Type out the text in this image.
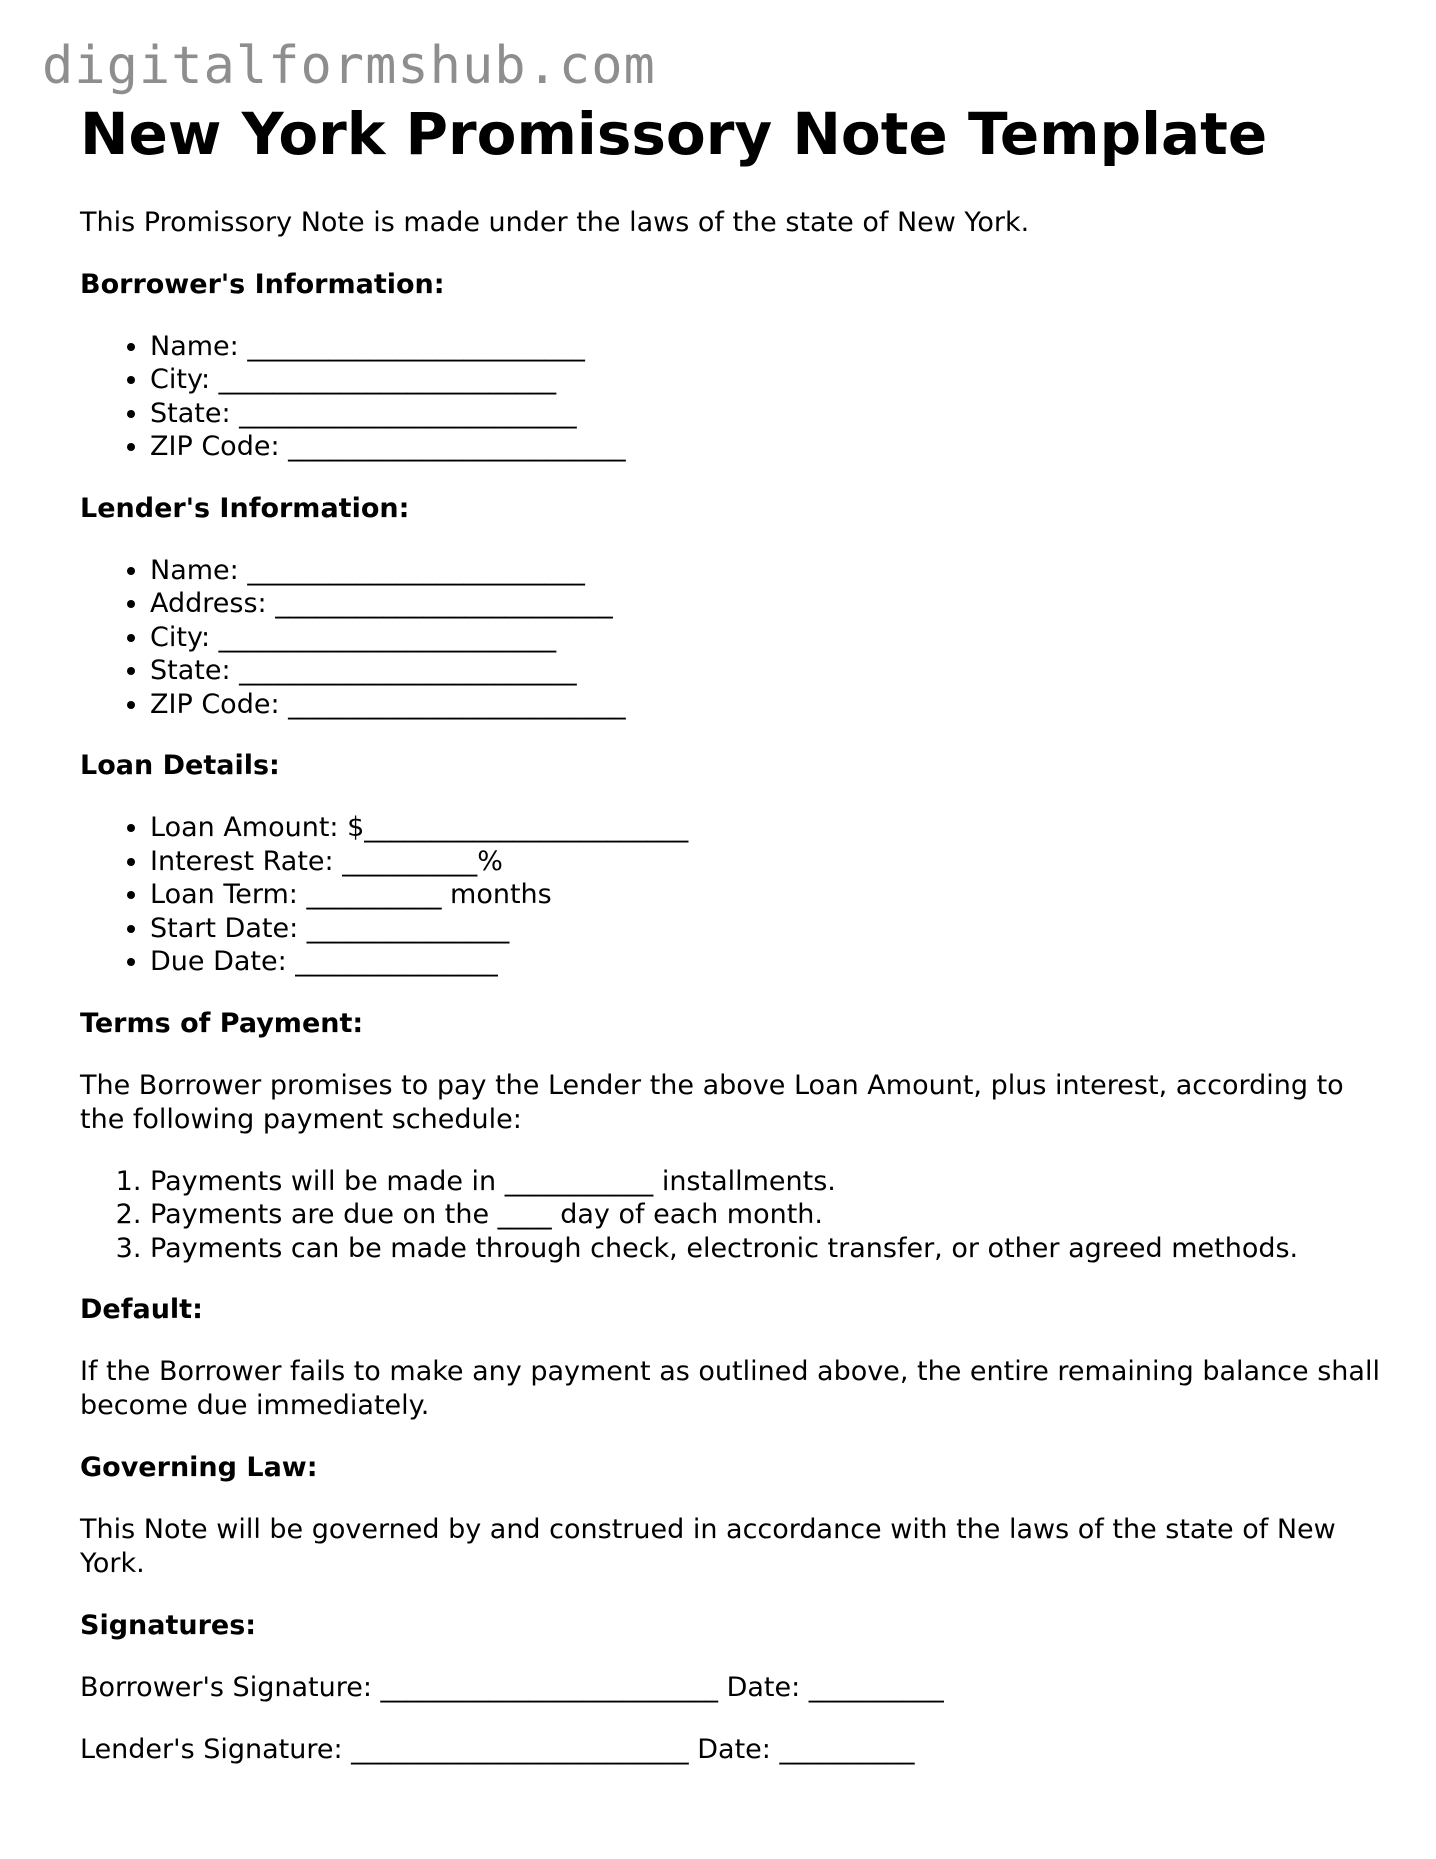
digitalformshub.com
New York Promissory Note Template

This Promissory Note is made under the laws of the state of New York.

Borrower's Information:
• Name: _________________________
• City: _________________________
• State: _________________________
• ZIP Code: _________________________
Lender's Information:
• Name: _________________________
• Address: _________________________
• City: _________________________
• State: _________________________
• ZIP Code: _________________________
Loan Details:
• Loan Amount: $________________________
• Interest Rate: __________%
• Loan Term: __________ months
• Start Date: _______________
• Due Date: _______________
Terms of Payment:

The Borrower promises to pay the Lender the above Loan Amount, plus interest, according to the following payment schedule:

1. Payments will be made in ___________ installments.
2. Payments are due on the ____ day of each month.
3. Payments can be made through check, electronic transfer, or other agreed methods.
Default:

If the Borrower fails to make any payment as outlined above, the entire remaining balance shall become due immediately.

Governing Law:

This Note will be governed by and construed in accordance with the laws of the state of New York.

Signatures:

Borrower's Signature: _________________________ Date: __________

Lender's Signature: _________________________ Date: __________
